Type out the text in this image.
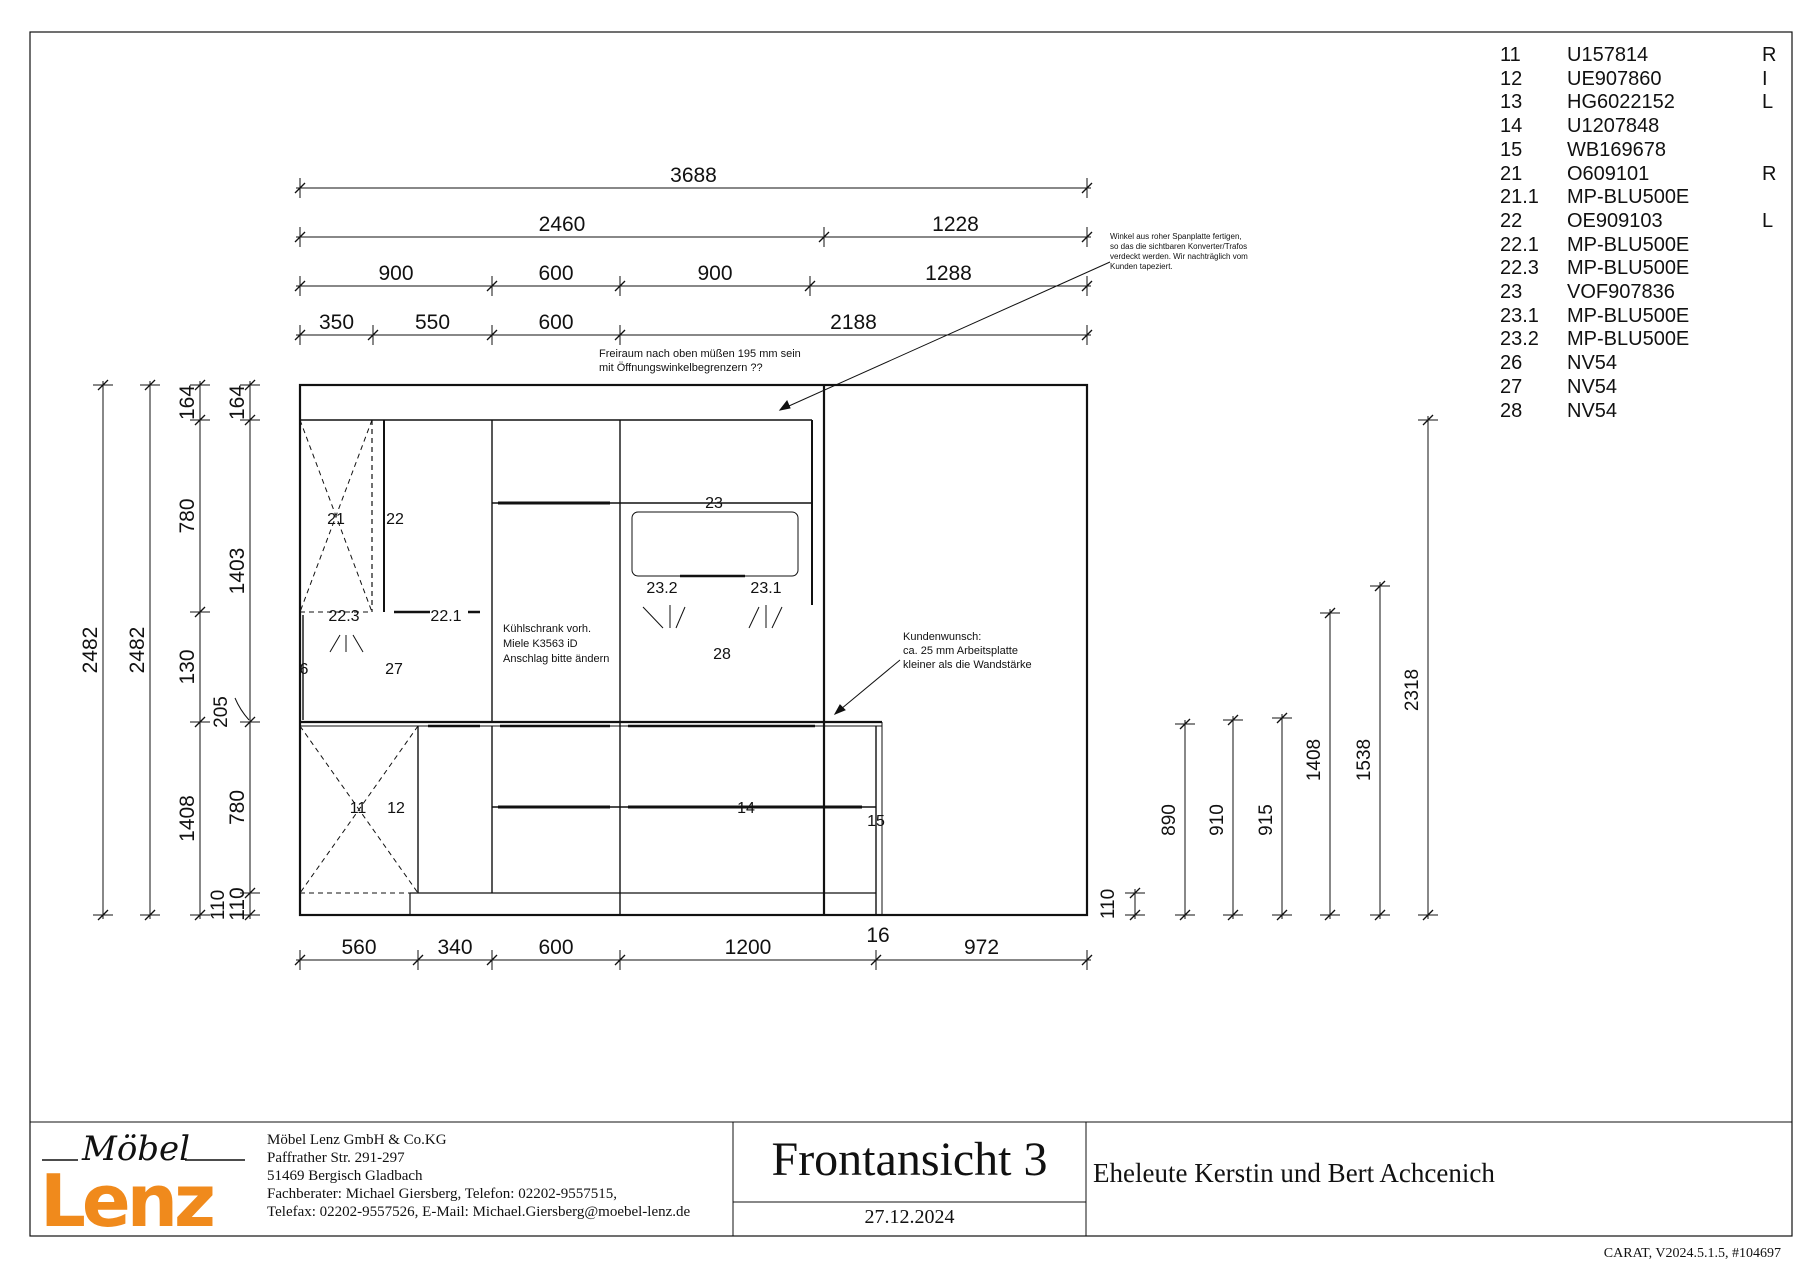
3688
2460	1228
900	600	900	1288
350	550	600	2188
560	340	600	1200	972
16
2482 2482
164
780
130
1408
164
1403
780
110
205
110	110
890 910 915
1408 1538
2318
21	22
22.3	22.1
6	27
23
23.2	23.1
28
11 12	14
15
Freiraum nach oben müßen 195 mm sein
mit Öffnungswinkelbegrenzern ??
Winkel aus roher Spanplatte fertigen,
so das die sichtbaren Konverter/Trafos
verdeckt werden. Wir nachträglich vom
Kunden tapeziert.
Kühlschrank vorh.
Miele K3563 iD
Anschlag bitte ändern
Kundenwunsch:
ca. 25 mm Arbeitsplatte
kleiner als die Wandstärke
11 U157814	R
12 UE907860	I
13 HG6022152	L
14 U1207848
15 WB169678
21 O609101	R
21.1 MP-BLU500E
22 OE909103	L
22.1 MP-BLU500E
22.3 MP-BLU500E
23 VOF907836
23.1 MP-BLU500E
23.2 MP-BLU500E
26 NV54
27 NV54
28 NV54
Möbel
Lenz
Möbel Lenz GmbH & Co.KG
Paffrather Str. 291-297
51469 Bergisch Gladbach
Fachberater: Michael Giersberg, Telefon: 02202-9557515,
Telefax: 02202-9557526, E-Mail: Michael.Giersberg@moebel-lenz.de
Frontansicht 3
27.12.2024
Eheleute Kerstin und Bert Achcenich
CARAT, V2024.5.1.5, #104697
